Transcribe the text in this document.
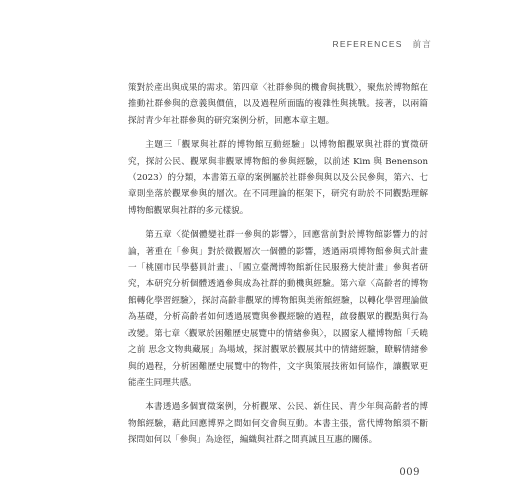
REFERENCES 前言

策對於產出與成果的需求。第四章〈社群參與的機會與挑戰〉，聚焦於博物館在推動社群參與的意義與價值，以及過程所面臨的複雜性與挑戰。接著，以兩篇探討青少年社群參與的研究案例分析，回應本章主題。

主題三「觀眾與社群的博物館互動經驗」以博物館觀眾與社群的實徵研究，探討公民、觀眾與非觀眾博物館的參與經驗，以前述 Kim 與 Benenson（2023）的分類，本書第五章的案例屬於社群參與與以及公民參與，第六、七章則坐落於觀眾參與的層次。在不同理論的框架下，研究有助於不同觀點理解博物館觀眾與社群的多元樣貌。

第五章〈從個體變社群一參與的影響〉，回應當前對於博物館影響力的討論，著重在「參與」對於微觀層次一個體的影響，透過兩項博物館參與式計畫一「桃園市民學藝員計畫」、「國立臺灣博物館新住民服務大使計畫」參與者研究，本研究分析個體透過參與成為社群的動機與經驗。第六章〈高齡者的博物館轉化學習經驗〉，探討高齡非觀眾的博物館與美術館經驗，以轉化學習理論做為基礎，分析高齡者如何透過展覽與參觀經驗的過程，啟發觀眾的觀點與行為改變。第七章〈觀眾於困難歷史展覽中的情緒參與〉，以國家人權博物館「夭曉之前 思念文物典藏展」為場域，探討觀眾於觀展其中的情緒經驗，瞭解情緒參與的過程，分析困難歷史展覽中的物件，文字與策展技術如何協作，讓觀眾更能產生同理共感。

本書透過多個實徵案例，分析觀眾、公民、新住民、青少年與高齡者的博物館經驗，藉此回應博界之間如何交會與互動。本書主張，當代博物館須不斷探問如何以「參與」為途徑，編織與社群之間真誠且互惠的關係。

009
